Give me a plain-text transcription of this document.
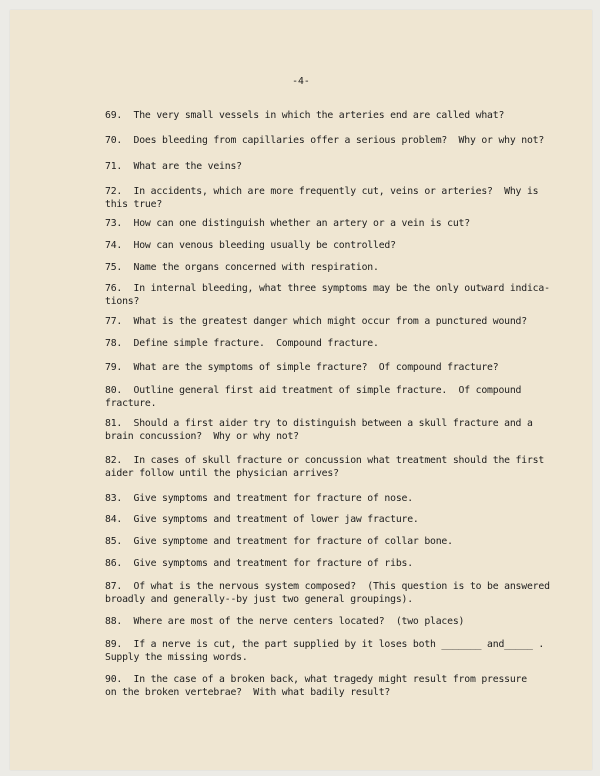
-4-

69.  The very small vessels in which the arteries end are called what?

70.  Does bleeding from capillaries offer a serious problem?  Why or why not?

71.  What are the veins?

72.  In accidents, which are more frequently cut, veins or arteries?  Why is
this true?

73.  How can one distinguish whether an artery or a vein is cut?

74.  How can venous bleeding usually be controlled?

75.  Name the organs concerned with respiration.

76.  In internal bleeding, what three symptoms may be the only outward indica-
tions?

77.  What is the greatest danger which might occur from a punctured wound?

78.  Define simple fracture.  Compound fracture.

79.  What are the symptoms of simple fracture?  Of compound fracture?

80.  Outline general first aid treatment of simple fracture.  Of compound
fracture.

81.  Should a first aider try to distinguish between a skull fracture and a
brain concussion?  Why or why not?

82.  In cases of skull fracture or concussion what treatment should the first
aider follow until the physician arrives?

83.  Give symptoms and treatment for fracture of nose.

84.  Give symptoms and treatment of lower jaw fracture.

85.  Give symptome and treatment for fracture of collar bone.

86.  Give symptoms and treatment for fracture of ribs.

87.  Of what is the nervous system composed?  (This question is to be answered
broadly and generally--by just two general groupings).

88.  Where are most of the nerve centers located?  (two places)

89.  If a nerve is cut, the part supplied by it loses both _______ and_____ .
Supply the missing words.

90.  In the case of a broken back, what tragedy might result from pressure
on the broken vertebrae?  With what badily result?
